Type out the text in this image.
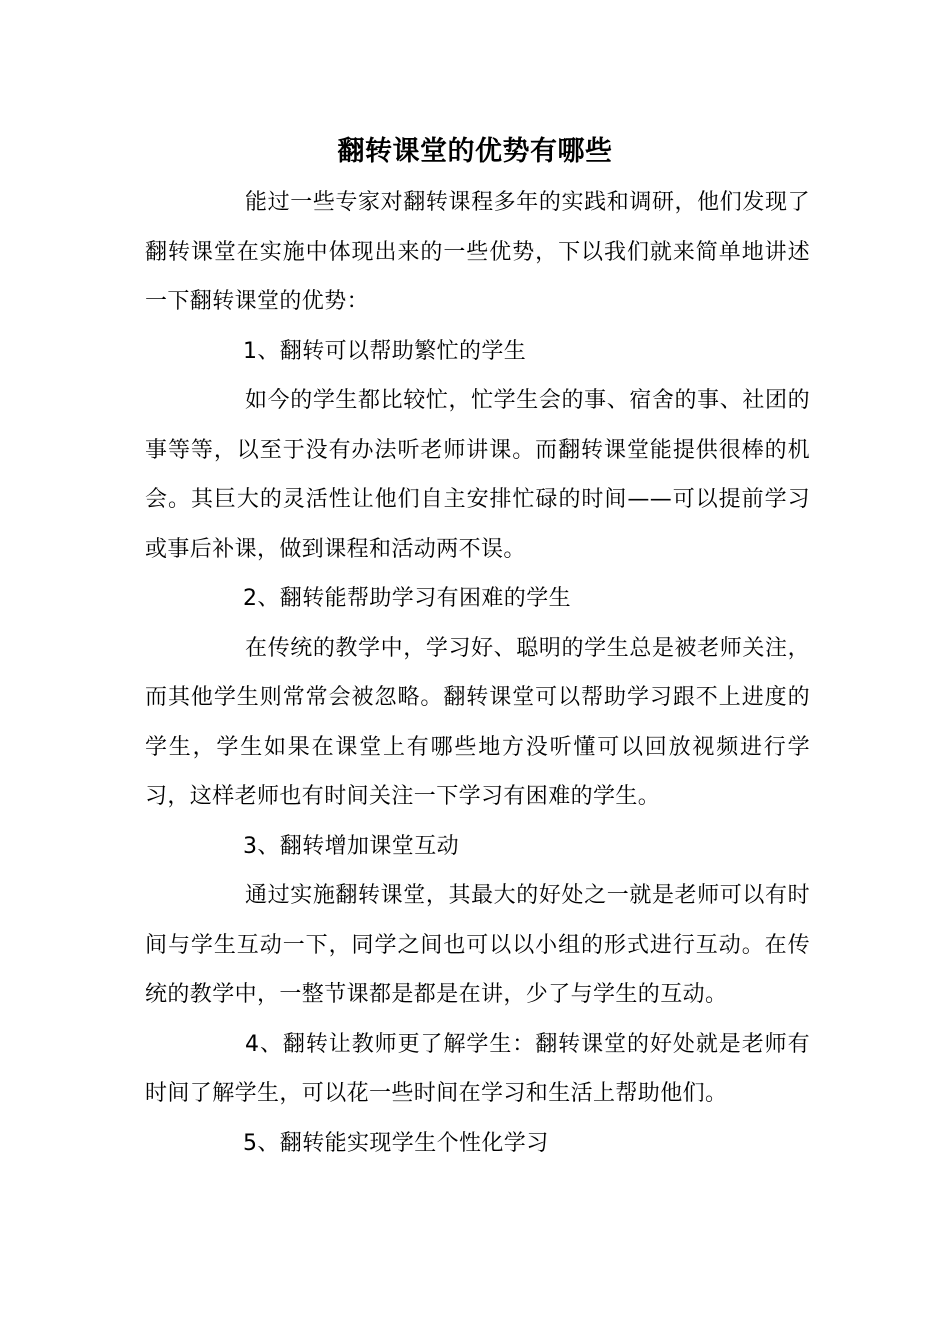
翻转课堂的优势有哪些

能过一些专家对翻转课程多年的实践和调研，他们发现了翻转课堂在实施中体现出来的一些优势，下以我们就来简单地讲述一下翻转课堂的优势：

1、翻转可以帮助繁忙的学生

如今的学生都比较忙，忙学生会的事、宿舍的事、社团的事等等，以至于没有办法听老师讲课。而翻转课堂能提供很棒的机会。其巨大的灵活性让他们自主安排忙碌的时间——可以提前学习或事后补课，做到课程和活动两不误。

2、翻转能帮助学习有困难的学生

在传统的教学中，学习好、聪明的学生总是被老师关注，而其他学生则常常会被忽略。翻转课堂可以帮助学习跟不上进度的学生，学生如果在课堂上有哪些地方没听懂可以回放视频进行学习，这样老师也有时间关注一下学习有困难的学生。

3、翻转增加课堂互动

通过实施翻转课堂，其最大的好处之一就是老师可以有时间与学生互动一下，同学之间也可以以小组的形式进行互动。在传统的教学中，一整节课都是都是在讲，少了与学生的互动。

4、翻转让教师更了解学生：翻转课堂的好处就是老师有时间了解学生，可以花一些时间在学习和生活上帮助他们。

5、翻转能实现学生个性化学习
